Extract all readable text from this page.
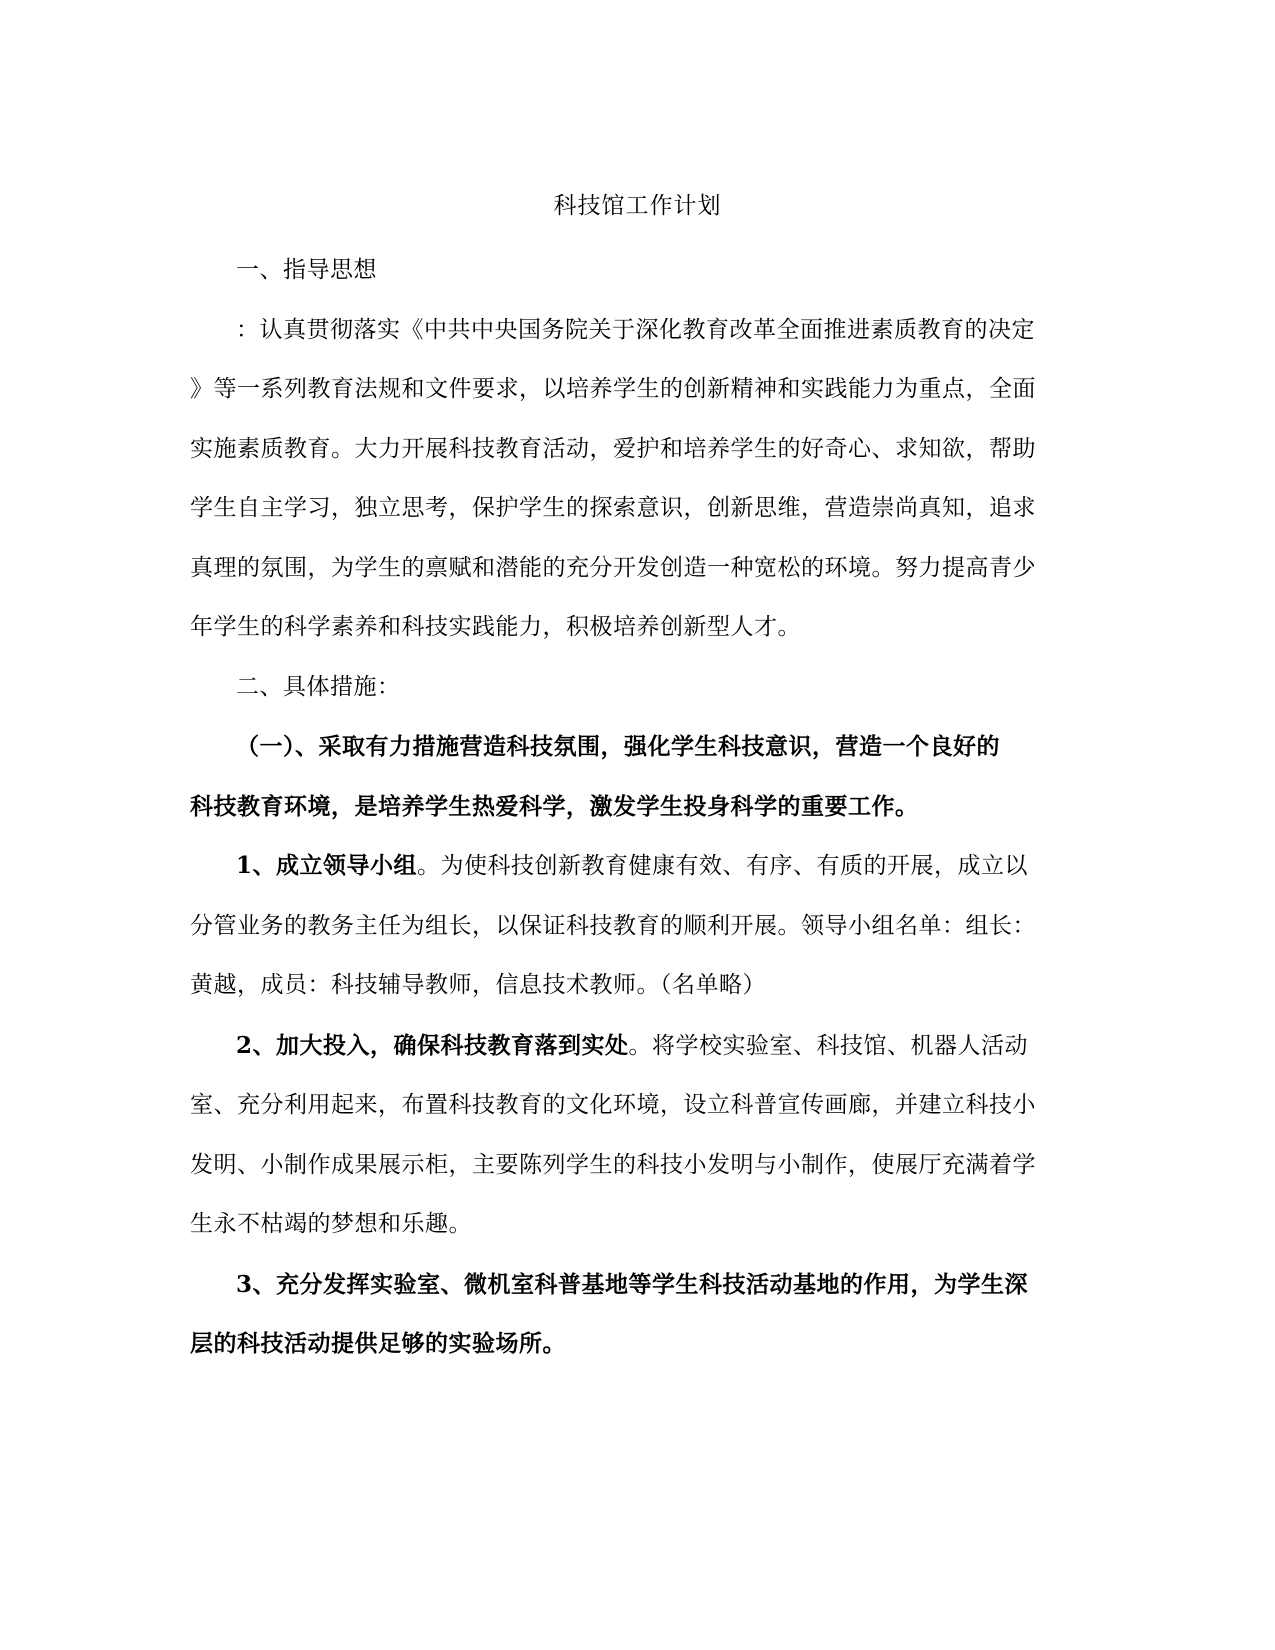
科技馆工作计划

一、指导思想

：认真贯彻落实《中共中央国务院关于深化教育改革全面推进素质教育的决定
》等一系列教育法规和文件要求，以培养学生的创新精神和实践能力为重点，全面
实施素质教育。大力开展科技教育活动，爱护和培养学生的好奇心、求知欲，帮助
学生自主学习，独立思考，保护学生的探索意识，创新思维，营造崇尚真知，追求
真理的氛围，为学生的禀赋和潜能的充分开发创造一种宽松的环境。努力提高青少
年学生的科学素养和科技实践能力，积极培养创新型人才。

二、具体措施：

（一）、采取有力措施营造科技氛围，强化学生科技意识，营造一个良好的
科技教育环境，是培养学生热爱科学，激发学生投身科学的重要工作。
1、成立领导小组。为使科技创新教育健康有效、有序、有质的开展，成立以
分管业务的教务主任为组长，以保证科技教育的顺利开展。领导小组名单：组长：
黄越，成员：科技辅导教师，信息技术教师。（名单略）
2、加大投入，确保科技教育落到实处。将学校实验室、科技馆、机器人活动
室、充分利用起来，布置科技教育的文化环境，设立科普宣传画廊，并建立科技小
发明、小制作成果展示柜，主要陈列学生的科技小发明与小制作，使展厅充满着学
生永不枯竭的梦想和乐趣。
3、充分发挥实验室、微机室科普基地等学生科技活动基地的作用，为学生深
层的科技活动提供足够的实验场所。
